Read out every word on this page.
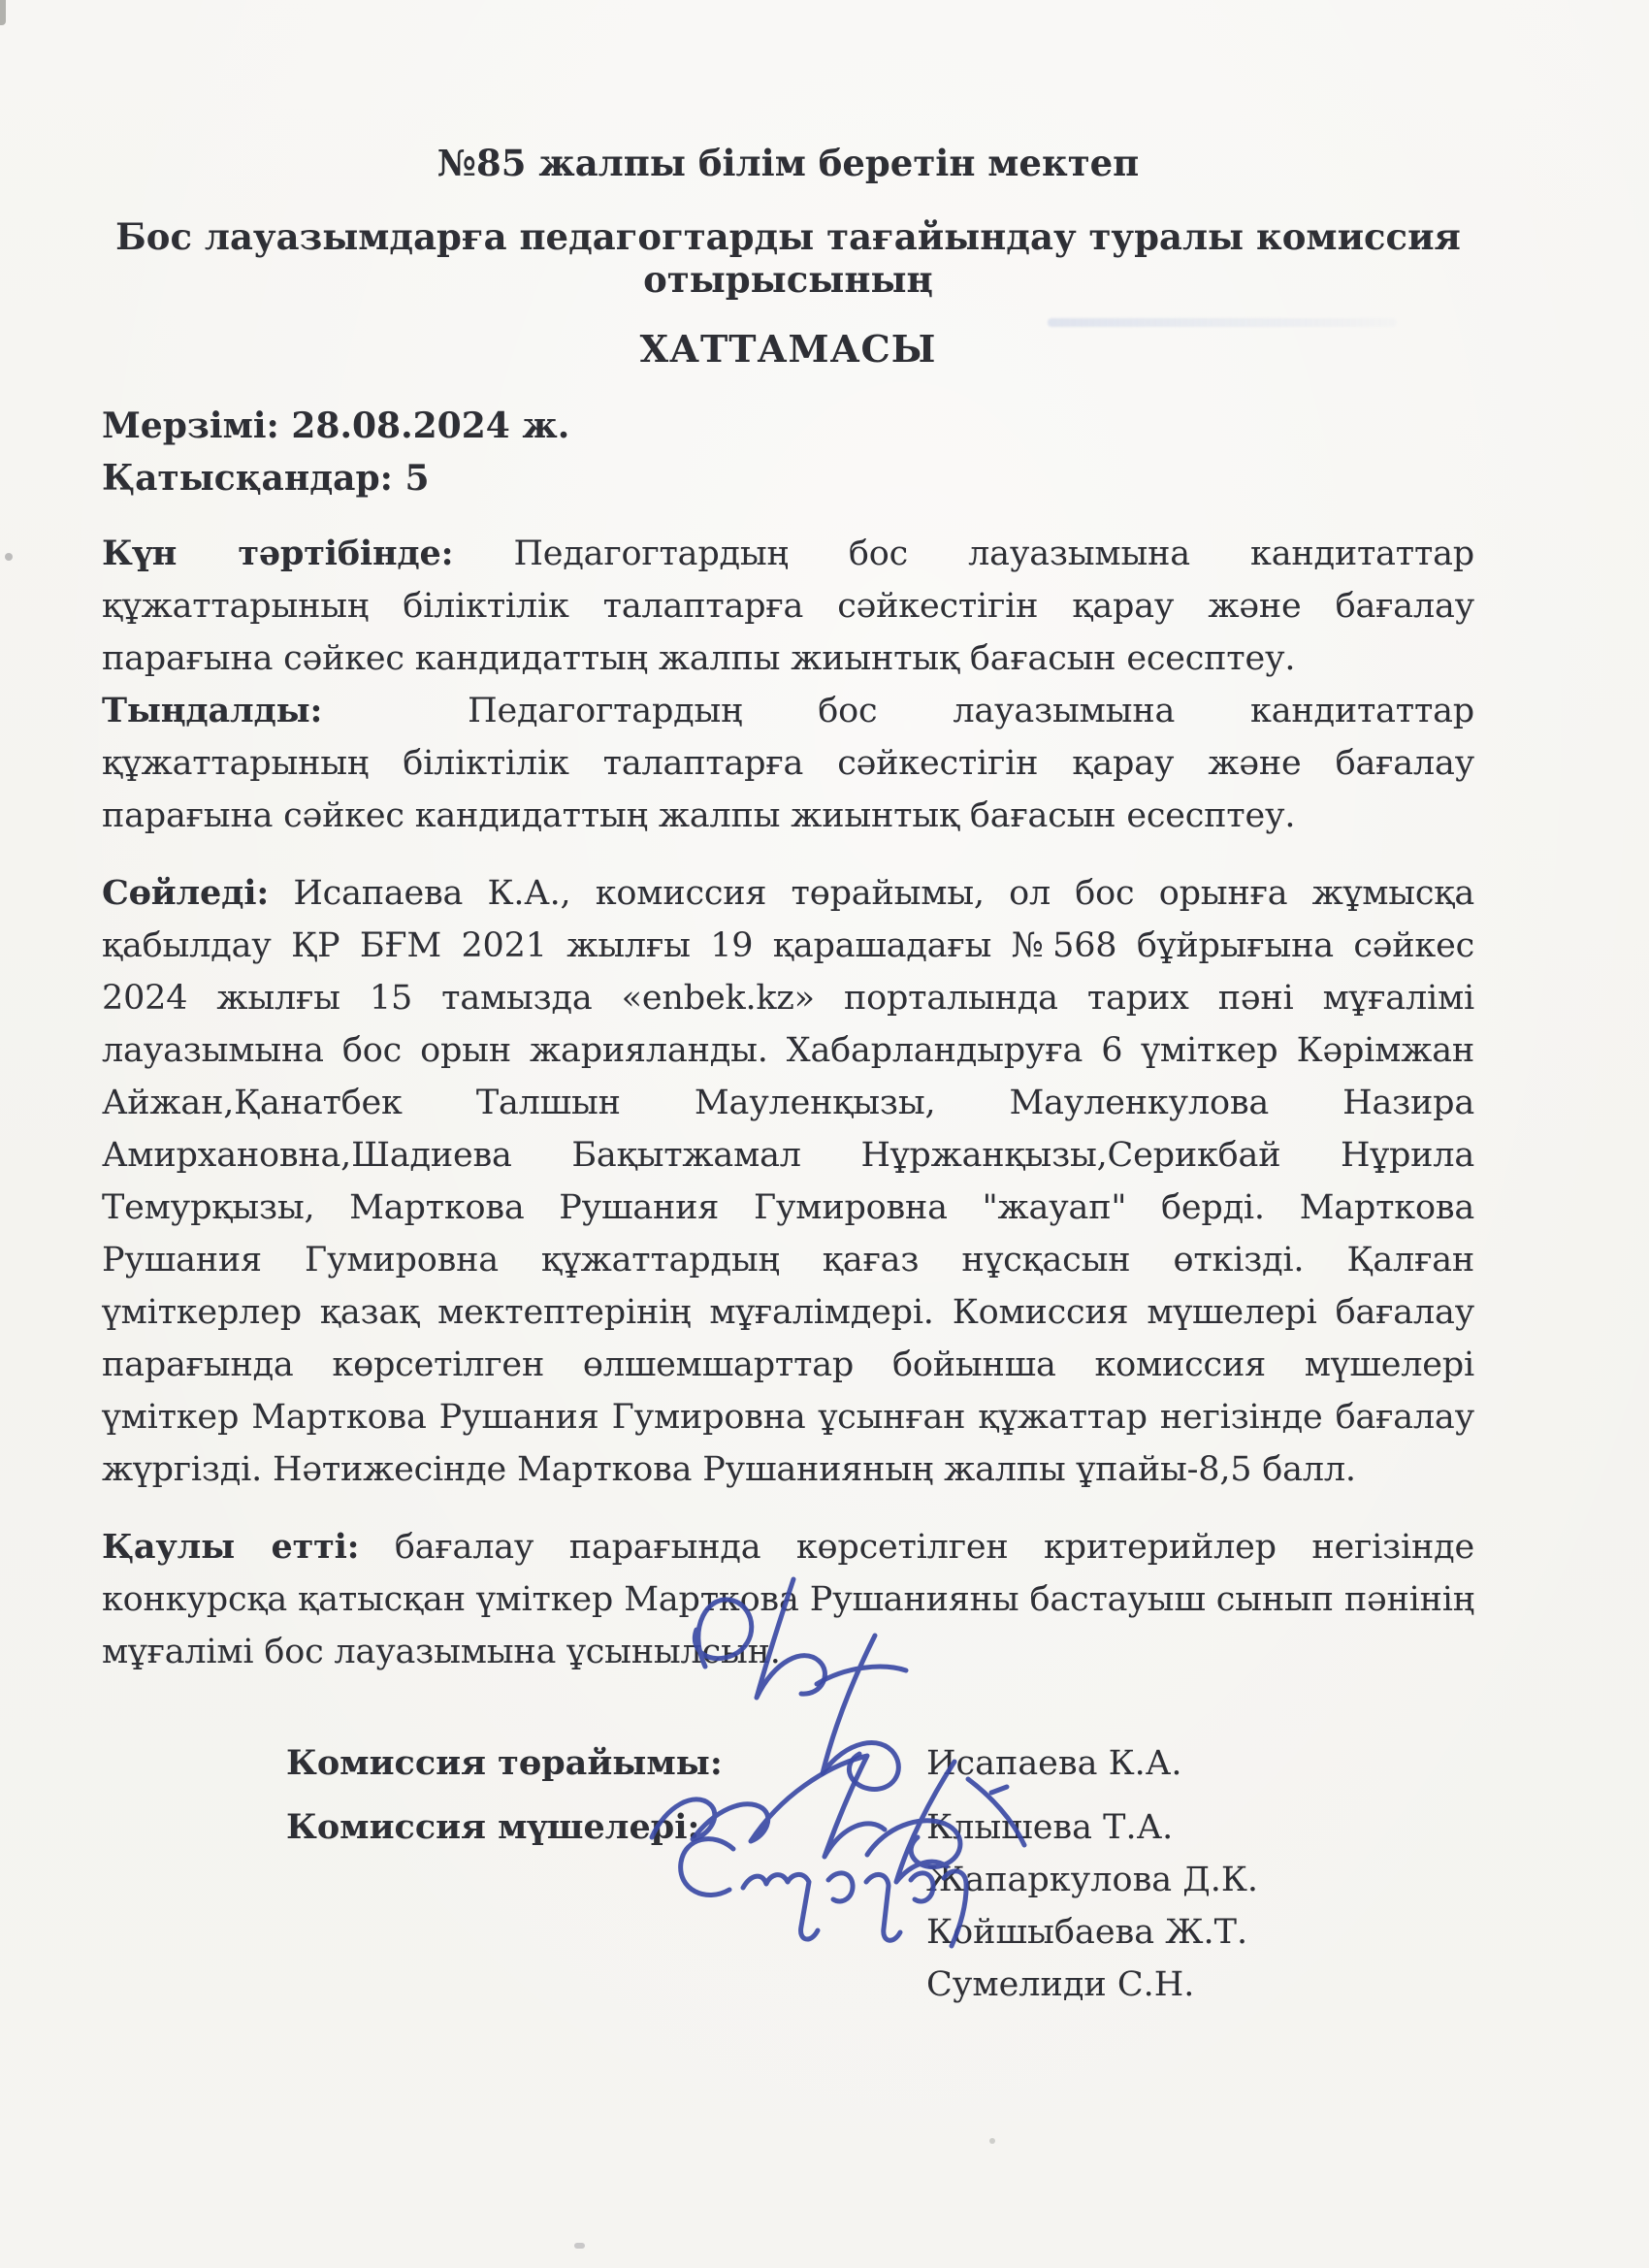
№85 жалпы білім беретін мектеп
Бос лауазымдарға педагогтарды тағайындау туралы комиссия отырысының
ХАТТАМАСЫ
Мерзімі: 28.08.2024 ж.
Қатысқандар: 5

Күн тәртібінде: Педагогтардың бос лауазымына кандитаттар құжаттарының біліктілік талаптарға сәйкестігін қарау және бағалау парағына сәйкес кандидаттың жалпы жиынтық бағасын есесптеу.

Тыңдалды:	Педагогтардың бос лауазымына кандитаттар құжаттарының біліктілік талаптарға сәйкестігін қарау және бағалау парағына сәйкес кандидаттың жалпы жиынтық бағасын есесптеу.

Сөйледі: Исапаева К.А., комиссия төрайымы, ол бос орынға жұмысқа қабылдау ҚР БҒМ 2021 жылғы 19 қарашадағы №568 бұйрығына сәйкес 2024 жылғы 15 тамызда «enbek.kz» порталында тарих пәні мұғалімі лауазымына бос орын жарияланды. Хабарландыруға 6 үміткер Кәрімжан Айжан,Қанатбек Талшын Мауленқызы, Мауленкулова Назира Амирхановна,Шадиева Бақытжамал Нұржанқызы,Серикбай Нұрила Темурқызы, Марткова Рушания Гумировна "жауап" берді. Марткова Рушания Гумировна құжаттардың қағаз нұсқасын өткізді. Қалған үміткерлер қазақ мектептерінің мұғалімдері. Комиссия мүшелері бағалау парағында көрсетілген өлшемшарттар бойынша комиссия мүшелері үміткер Марткова Рушания Гумировна ұсынған құжаттар негізінде бағалау жүргізді. Нәтижесінде Марткова Рушанияның жалпы ұпайы-8,5 балл.

Қаулы етті: бағалау парағында көрсетілген критерийлер негізінде конкурсқа қатысқан үміткер Марткова Рушанияны бастауыш сынып пәнінің мұғалімі бос лауазымына ұсынылсын.

Комиссия төрайымы:	Исапаева К.А.
Комиссия мүшелері:	Клышева Т.А.
Жапаркулова Д.К.
Койшыбаева Ж.Т.
Сумелиди С.Н.
